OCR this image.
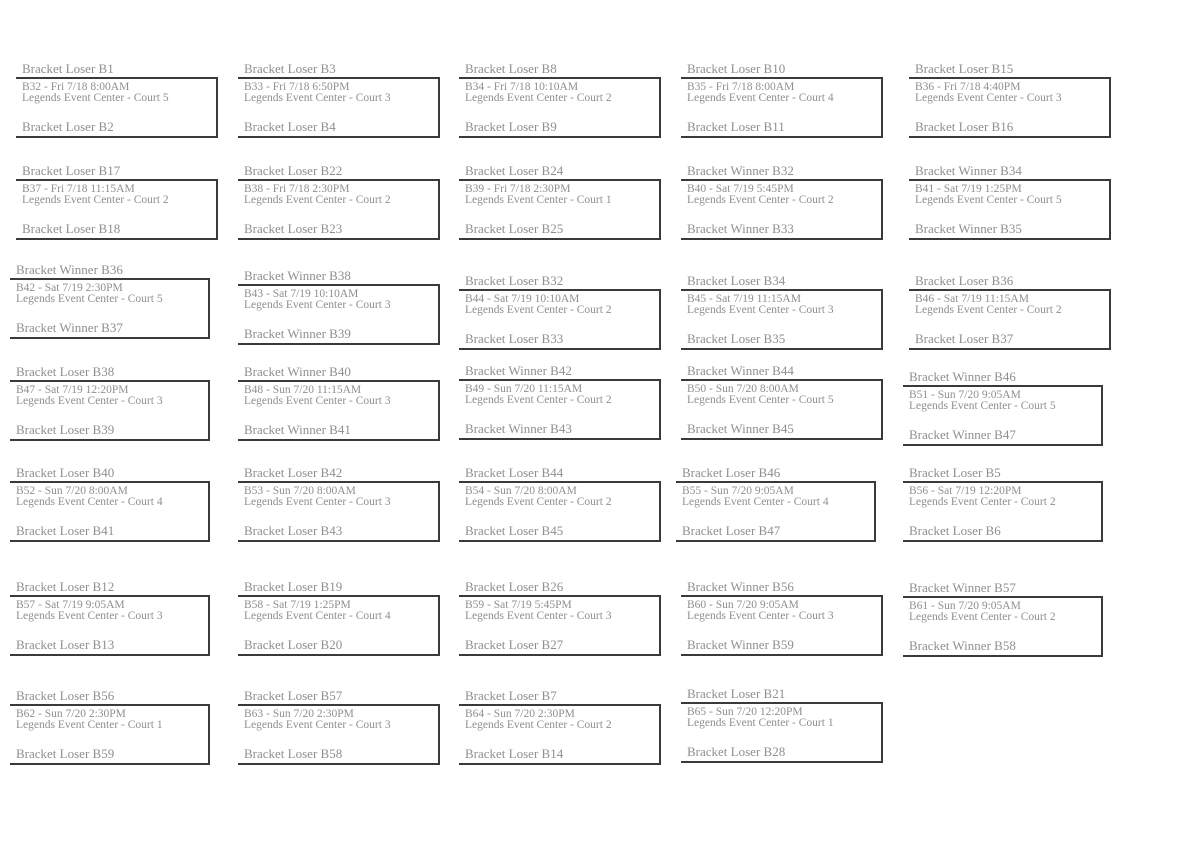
Bracket Loser B1
B32 - Fri 7/18 8:00AM
Legends Event Center - Court 5
Bracket Loser B2
Bracket Loser B3
B33 - Fri 7/18 6:50PM
Legends Event Center - Court 3
Bracket Loser B4
Bracket Loser B8
B34 - Fri 7/18 10:10AM
Legends Event Center - Court 2
Bracket Loser B9
Bracket Loser B10
B35 - Fri 7/18 8:00AM
Legends Event Center - Court 4
Bracket Loser B11
Bracket Loser B15
B36 - Fri 7/18 4:40PM
Legends Event Center - Court 3
Bracket Loser B16
Bracket Loser B17
B37 - Fri 7/18 11:15AM
Legends Event Center - Court 2
Bracket Loser B18
Bracket Loser B22
B38 - Fri 7/18 2:30PM
Legends Event Center - Court 2
Bracket Loser B23
Bracket Loser B24
B39 - Fri 7/18 2:30PM
Legends Event Center - Court 1
Bracket Loser B25
Bracket Winner B32
B40 - Sat 7/19 5:45PM
Legends Event Center - Court 2
Bracket Winner B33
Bracket Winner B34
B41 - Sat 7/19 1:25PM
Legends Event Center - Court 5
Bracket Winner B35
Bracket Winner B36
B42 - Sat 7/19 2:30PM
Legends Event Center - Court 5
Bracket Winner B37
Bracket Winner B38
B43 - Sat 7/19 10:10AM
Legends Event Center - Court 3
Bracket Winner B39
Bracket Loser B32
B44 - Sat 7/19 10:10AM
Legends Event Center - Court 2
Bracket Loser B33
Bracket Loser B34
B45 - Sat 7/19 11:15AM
Legends Event Center - Court 3
Bracket Loser B35
Bracket Loser B36
B46 - Sat 7/19 11:15AM
Legends Event Center - Court 2
Bracket Loser B37
Bracket Loser B38
B47 - Sat 7/19 12:20PM
Legends Event Center - Court 3
Bracket Loser B39
Bracket Winner B40
B48 - Sun 7/20 11:15AM
Legends Event Center - Court 3
Bracket Winner B41
Bracket Winner B42
B49 - Sun 7/20 11:15AM
Legends Event Center - Court 2
Bracket Winner B43
Bracket Winner B44
B50 - Sun 7/20 8:00AM
Legends Event Center - Court 5
Bracket Winner B45
Bracket Winner B46
B51 - Sun 7/20 9:05AM
Legends Event Center - Court 5
Bracket Winner B47
Bracket Loser B40
B52 - Sun 7/20 8:00AM
Legends Event Center - Court 4
Bracket Loser B41
Bracket Loser B42
B53 - Sun 7/20 8:00AM
Legends Event Center - Court 3
Bracket Loser B43
Bracket Loser B44
B54 - Sun 7/20 8:00AM
Legends Event Center - Court 2
Bracket Loser B45
Bracket Loser B46
B55 - Sun 7/20 9:05AM
Legends Event Center - Court 4
Bracket Loser B47
Bracket Loser B5
B56 - Sat 7/19 12:20PM
Legends Event Center - Court 2
Bracket Loser B6
Bracket Loser B12
B57 - Sat 7/19 9:05AM
Legends Event Center - Court 3
Bracket Loser B13
Bracket Loser B19
B58 - Sat 7/19 1:25PM
Legends Event Center - Court 4
Bracket Loser B20
Bracket Loser B26
B59 - Sat 7/19 5:45PM
Legends Event Center - Court 3
Bracket Loser B27
Bracket Winner B56
B60 - Sun 7/20 9:05AM
Legends Event Center - Court 3
Bracket Winner B59
Bracket Winner B57
B61 - Sun 7/20 9:05AM
Legends Event Center - Court 2
Bracket Winner B58
Bracket Loser B56
B62 - Sun 7/20 2:30PM
Legends Event Center - Court 1
Bracket Loser B59
Bracket Loser B57
B63 - Sun 7/20 2:30PM
Legends Event Center - Court 3
Bracket Loser B58
Bracket Loser B7
B64 - Sun 7/20 2:30PM
Legends Event Center - Court 2
Bracket Loser B14
Bracket Loser B21
B65 - Sun 7/20 12:20PM
Legends Event Center - Court 1
Bracket Loser B28
